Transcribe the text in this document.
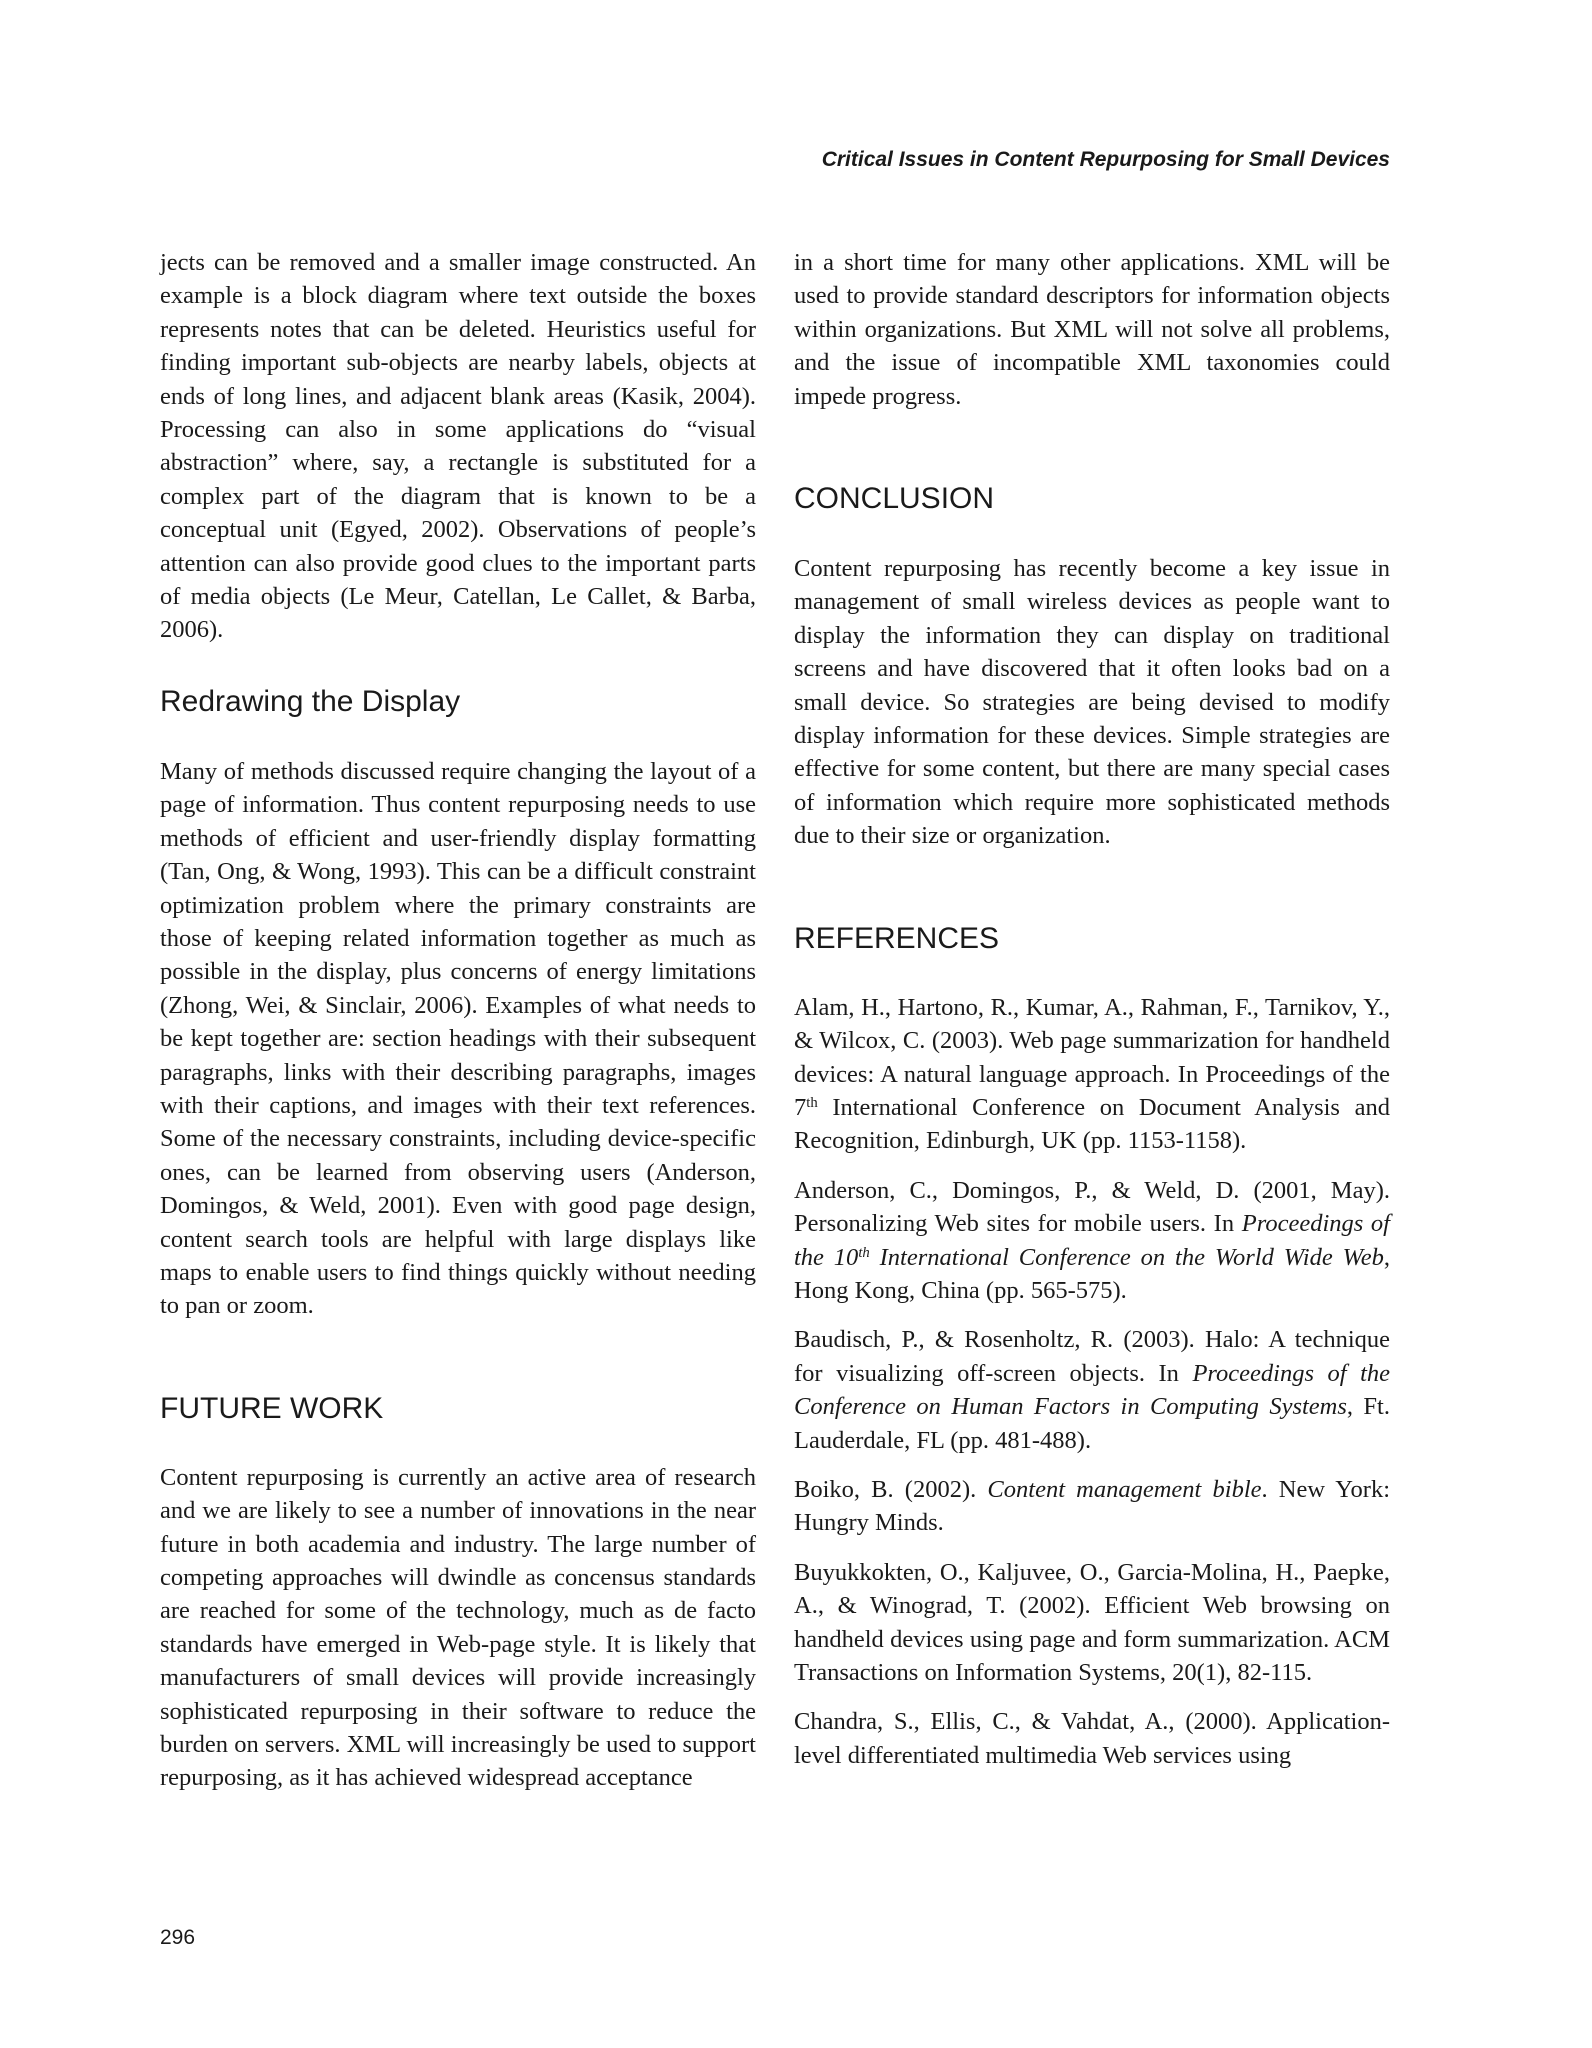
Critical Issues in Content Repurposing for Small Devices

jects can be removed and a smaller image constructed. An example is a block diagram where text outside the boxes represents notes that can be deleted. Heuristics useful for finding important sub-objects are nearby labels, objects at ends of long lines, and adjacent blank areas (Kasik, 2004). Processing can also in some applications do “visual abstraction” where, say, a rectangle is substituted for a complex part of the diagram that is known to be a conceptual unit (Egyed, 2002). Observations of people’s attention can also provide good clues to the important parts of media objects (Le Meur, Catellan, Le Callet, & Barba, 2006).

Redrawing the Display

Many of methods discussed require changing the layout of a page of information. Thus content repurposing needs to use methods of efficient and user-friendly display formatting (Tan, Ong, & Wong, 1993). This can be a difficult constraint optimization problem where the primary constraints are those of keeping related information together as much as possible in the display, plus concerns of energy limitations (Zhong, Wei, & Sinclair, 2006). Examples of what needs to be kept together are: section headings with their subsequent paragraphs, links with their describing paragraphs, images with their captions, and images with their text references. Some of the necessary constraints, including device-specific ones, can be learned from observing users (Anderson, Domingos, & Weld, 2001). Even with good page design, content search tools are helpful with large displays like maps to enable users to find things quickly without needing to pan or zoom.

FUTURE WORK

Content repurposing is currently an active area of research and we are likely to see a number of innovations in the near future in both academia and industry. The large number of competing approaches will dwindle as concensus standards are reached for some of the technology, much as de facto standards have emerged in Web-page style. It is likely that manufacturers of small devices will provide increasingly sophisticated repurposing in their software to reduce the burden on servers. XML will increasingly be used to support repurposing, as it has achieved widespread acceptance

in a short time for many other applications. XML will be used to provide standard descriptors for information objects within organizations. But XML will not solve all problems, and the issue of incompatible XML taxonomies could impede progress.

CONCLUSION

Content repurposing has recently become a key issue in management of small wireless devices as people want to display the information they can display on traditional screens and have discovered that it often looks bad on a small device. So strategies are being devised to modify display information for these devices. Simple strategies are effective for some content, but there are many special cases of information which require more sophisticated methods due to their size or organization.

REFERENCES

Alam, H., Hartono, R., Kumar, A., Rahman, F., Tarnikov, Y., & Wilcox, C. (2003). Web page summarization for handheld devices: A natural language approach. In Proceedings of the 7th International Conference on Document Analysis and Recognition, Edinburgh, UK (pp. 1153-1158).

Anderson, C., Domingos, P., & Weld, D. (2001, May). Personalizing Web sites for mobile users. In Proceedings of the 10th International Conference on the World Wide Web, Hong Kong, China (pp. 565-575).

Baudisch, P., & Rosenholtz, R. (2003). Halo: A technique for visualizing off-screen objects. In Proceedings of the Conference on Human Factors in Computing Systems, Ft. Lauderdale, FL (pp. 481-488).

Boiko, B. (2002). Content management bible. New York: Hungry Minds.

Buyukkokten, O., Kaljuvee, O., Garcia-Molina, H., Paepke, A., & Winograd, T. (2002). Efficient Web browsing on handheld devices using page and form summarization. ACM Transactions on Information Systems, 20(1), 82-115.

Chandra, S., Ellis, C., & Vahdat, A., (2000). Application-level differentiated multimedia Web services using

296
